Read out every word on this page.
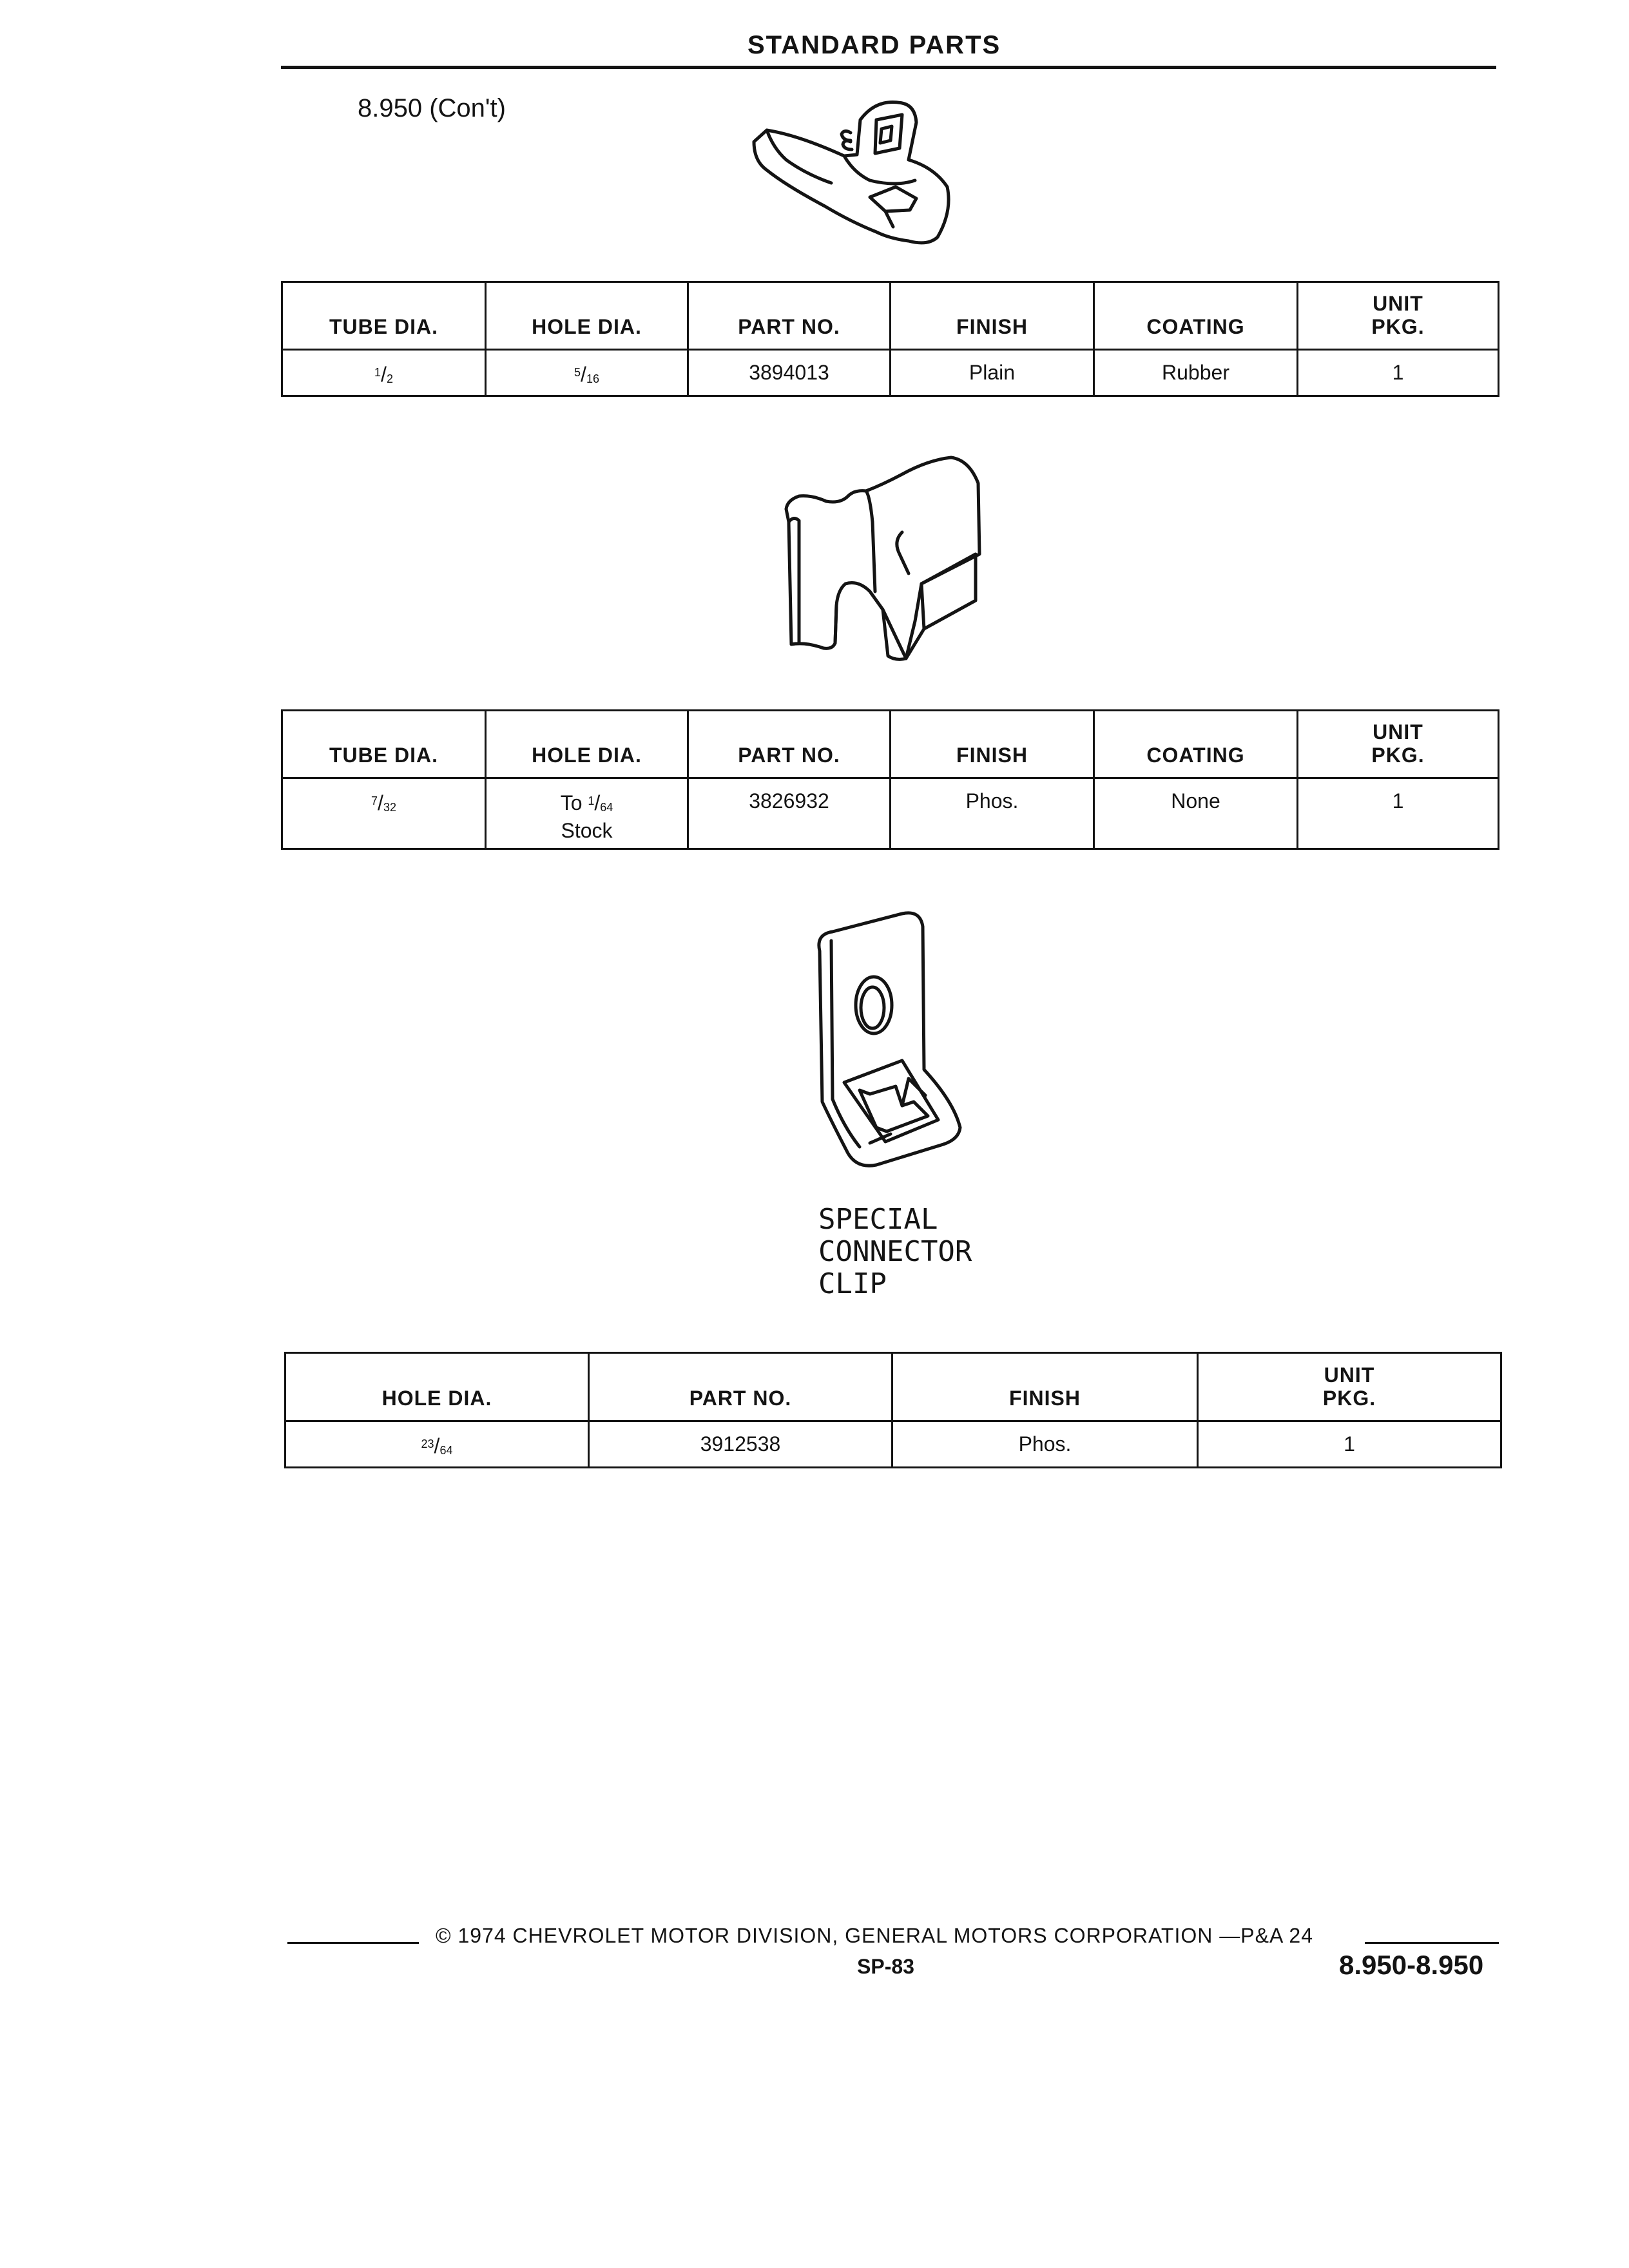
STANDARD PARTS
8.950 (Con't)
TUBE DIA.	HOLE DIA.	PART NO.	FINISH	COATING	UNIT
PKG.
$^1/_2$	$^5/_{16}$	3894013	Plain	Rubber	1
TUBE DIA.	HOLE DIA.	PART NO.	FINISH	COATING	UNIT
PKG.
$^7/_{32}$	To $^1/_{64}$
Stock	3826932	Phos.	None	1
SPECIAL
CONNECTOR
CLIP
HOLE DIA.	PART NO.	FINISH	UNIT
PKG.
$^{23}/_{64}$	3912538	Phos.	1
© 1974 CHEVROLET MOTOR DIVISION, GENERAL MOTORS CORPORATION —P&A 24
SP-83	8.950-8.950
